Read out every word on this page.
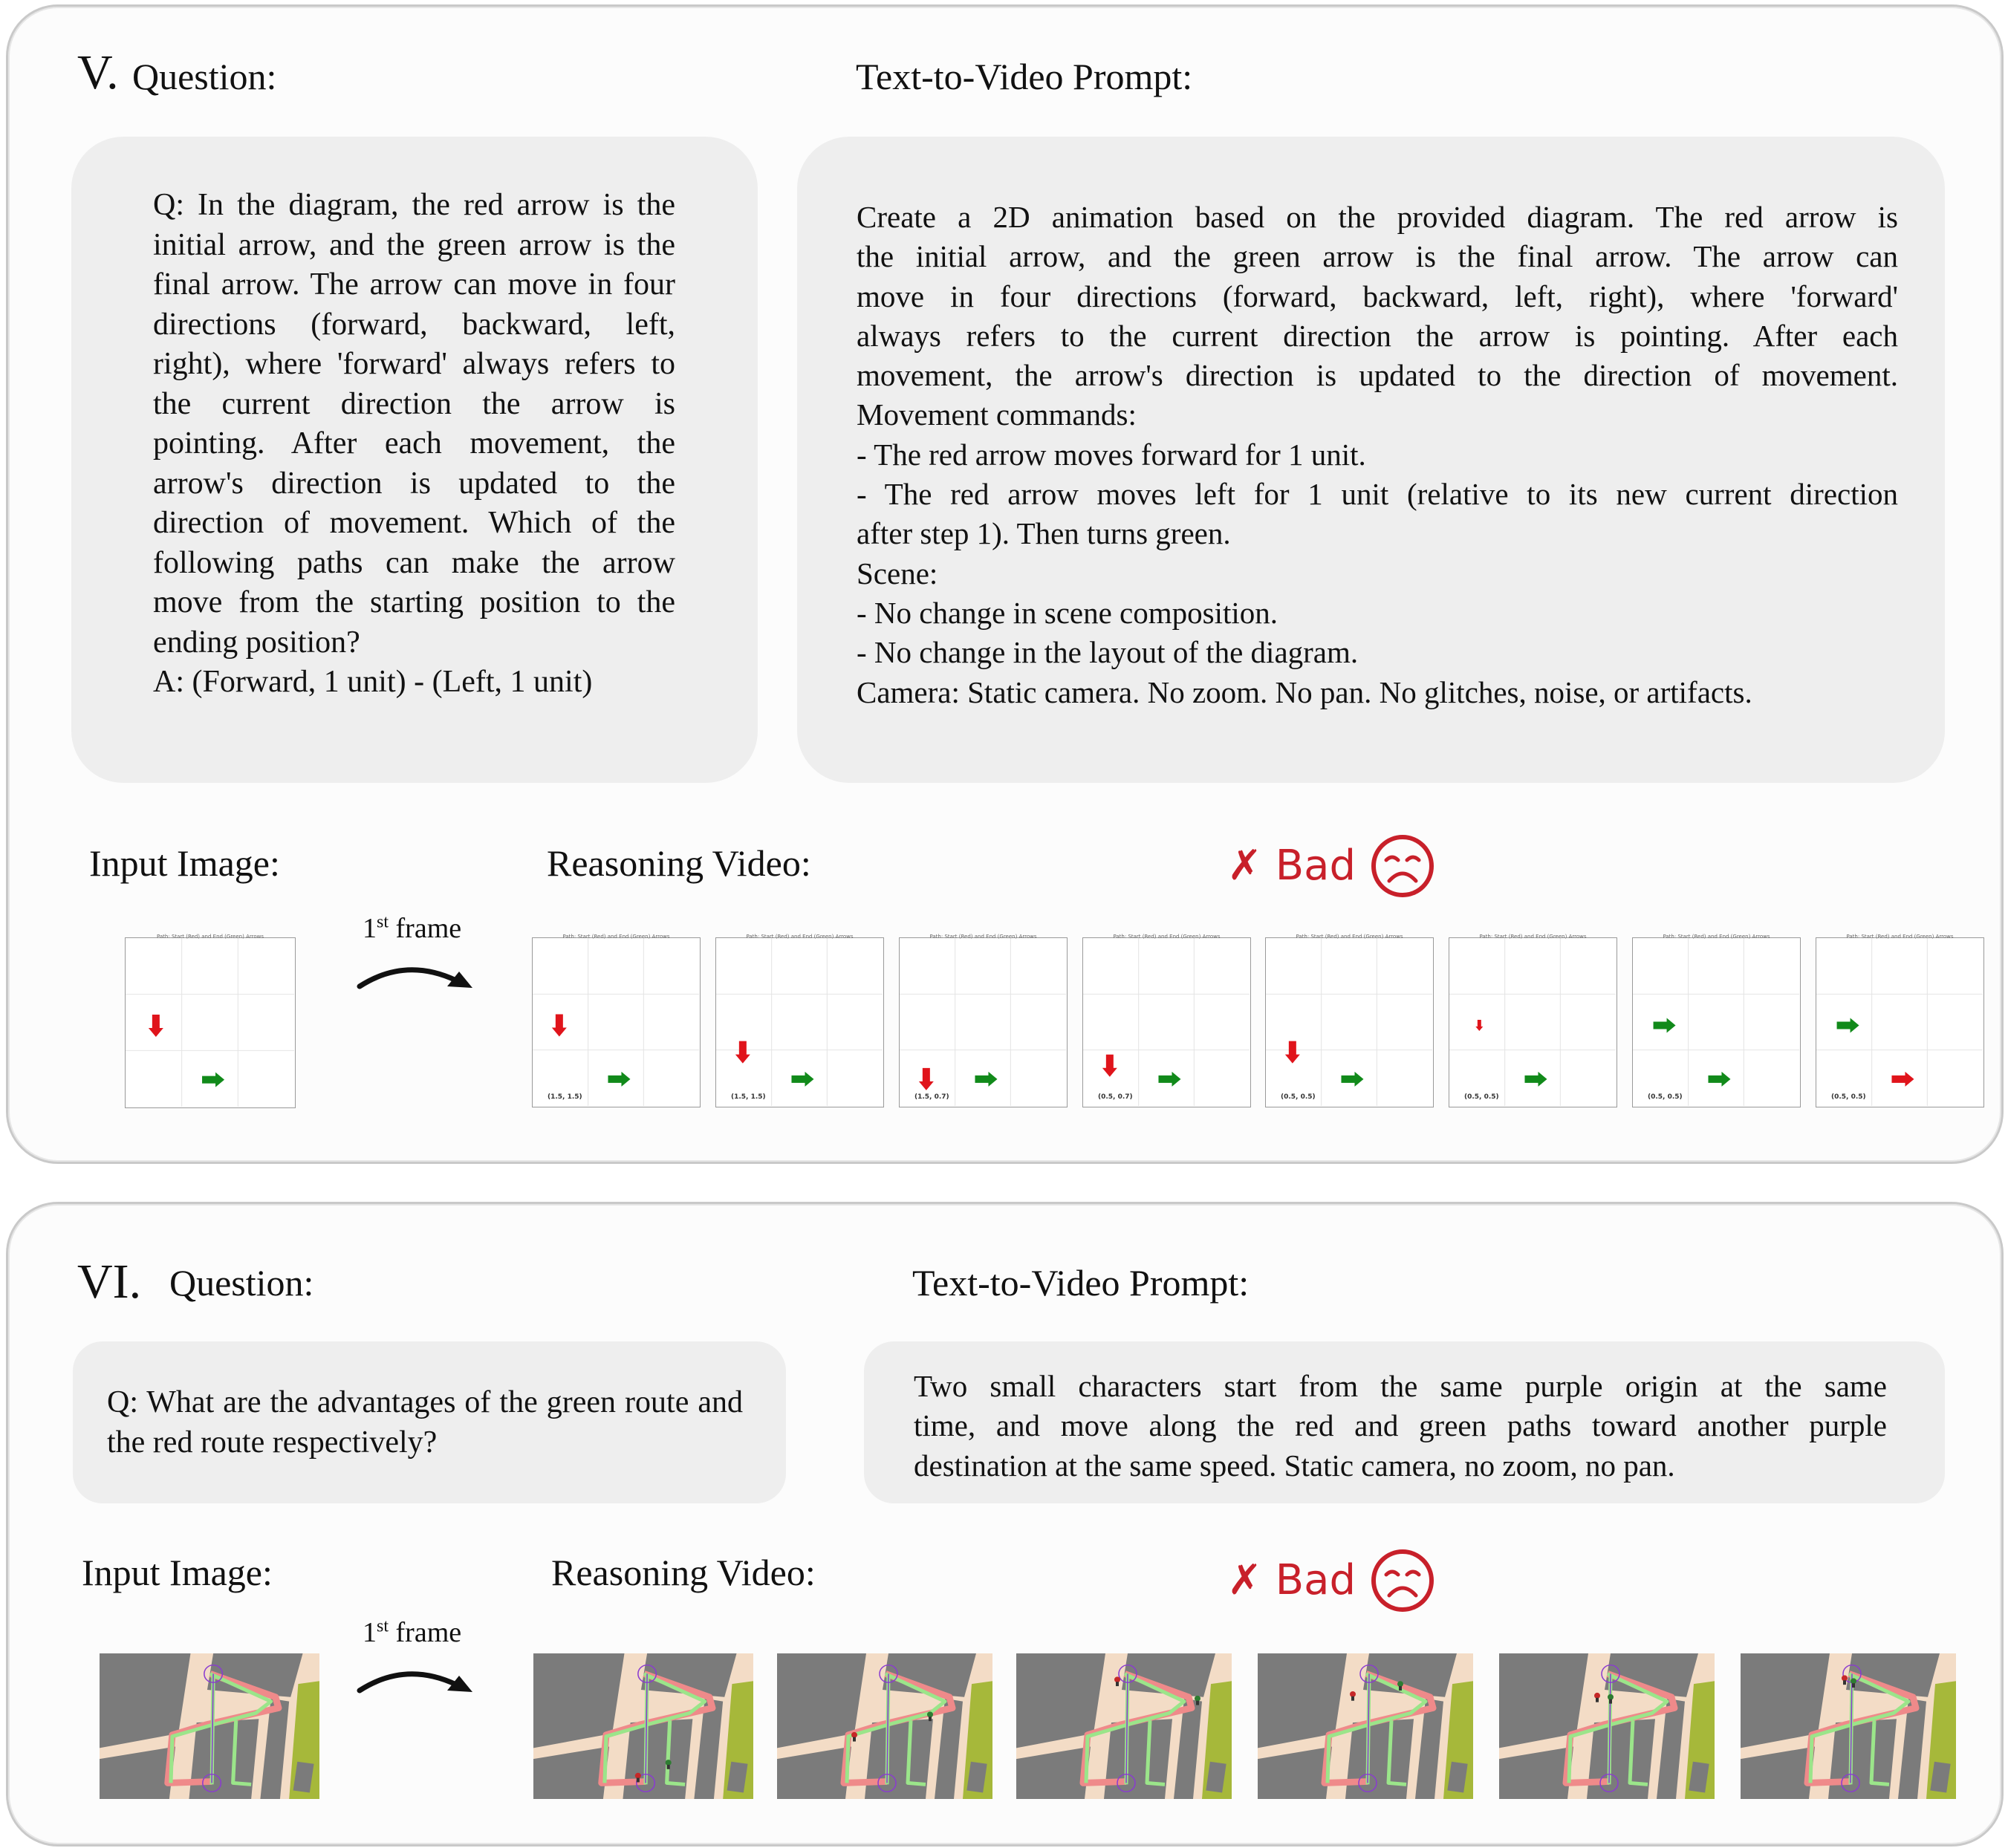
V. Question:	Text-to-Video Prompt:
Q: In the diagram, the red arrow is the initial arrow, and the green arrow is the final arrow. The arrow can move in four directions (forward, backward, left, right), where 'forward' always refers to the current direction the arrow is pointing. After each movement, the arrow's direction is updated to the direction of movement. Which of the following paths can make the arrow move from the starting position to the ending position?
A: (Forward, 1 unit) - (Left, 1 unit)
Create a 2D animation based on the provided diagram. The red arrow is
the initial arrow, and the green arrow is the final arrow. The arrow can
move in four directions (forward, backward, left, right), where 'forward'
always refers to the current direction the arrow is pointing. After each
movement, the arrow's direction is updated to the direction of movement.
Movement commands:
- The red arrow moves forward for 1 unit.
- The red arrow moves left for 1 unit (relative to its new current direction
after step 1). Then turns green.
Scene:
- No change in scene composition.
- No change in the layout of the diagram.
Camera: Static camera. No zoom. No pan. No glitches, noise, or artifacts.
Input Image:	Reasoning Video:	✗ Bad
1st frame
Path: Start (Red) and End (Green) Arrows	Path: Start (Red) and End (Green) Arrows
(1.5, 1.5)
Path: Start (Red) and End (Green) Arrows
(1.5, 1.5)
Path: Start (Red) and End (Green) Arrows
(1.5, 0.7)
Path: Start (Red) and End (Green) Arrows
(0.5, 0.7)
Path: Start (Red) and End (Green) Arrows
(0.5, 0.5)
Path: Start (Red) and End (Green) Arrows
(0.5, 0.5)
Path: Start (Red) and End (Green) Arrows
(0.5, 0.5)
Path: Start (Red) and End (Green) Arrows
(0.5, 0.5)
VI. Question:	Text-to-Video Prompt:
Q: What are the advantages of the green route and the red route respectively?
Two small characters start from the same purple origin at the same
time, and move along the red and green paths toward another purple
destination at the same speed. Static camera, no zoom, no pan.
Input Image:	Reasoning Video:	✗ Bad
1st frame
